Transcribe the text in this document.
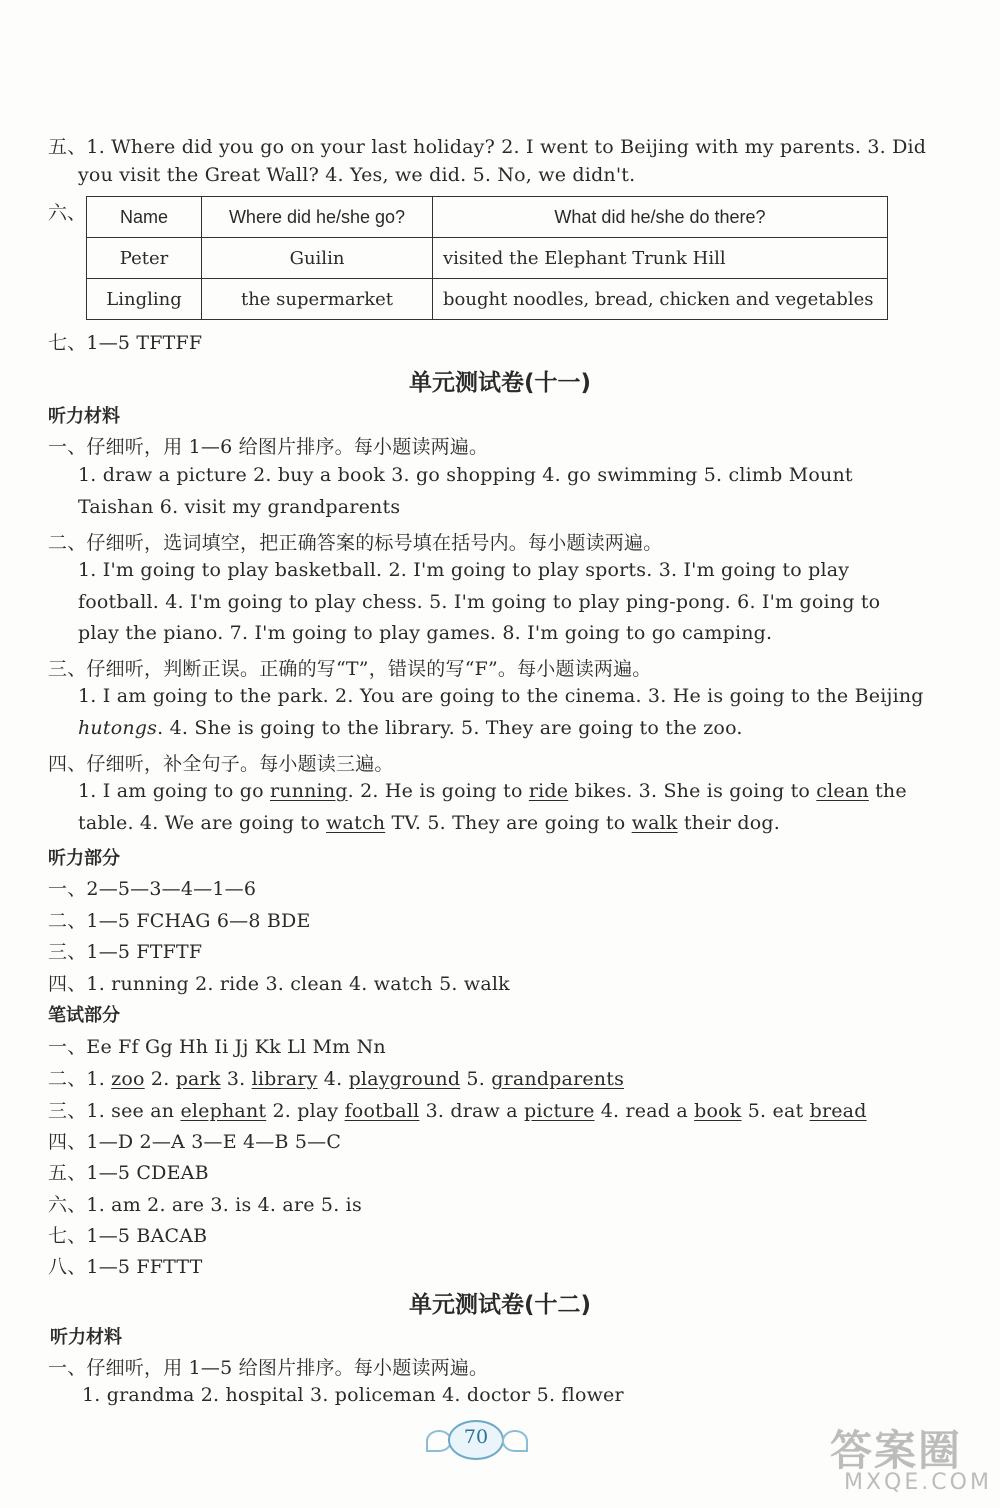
五、1. Where did you go on your last holiday? 2. I went to Beijing with my parents. 3. Did
you visit the Great Wall? 4. Yes, we did. 5. No, we didn't.
六、 Name	Where did he/she go?	What did he/she do there?
Peter	Guilin	visited the Elephant Trunk Hill
Lingling	the supermarket	bought noodles, bread, chicken and vegetables
七、1—5 TFTFF
单元测试卷(十一)
听力材料
一、仔细听，用 1—6 给图片排序。每小题读两遍。
1. draw a picture 2. buy a book 3. go shopping 4. go swimming 5. climb Mount
Taishan 6. visit my grandparents
二、仔细听，选词填空，把正确答案的标号填在括号内。每小题读两遍。
1. I'm going to play basketball. 2. I'm going to play sports. 3. I'm going to play
football. 4. I'm going to play chess. 5. I'm going to play ping-pong. 6. I'm going to
play the piano. 7. I'm going to play games. 8. I'm going to go camping.
三、仔细听，判断正误。正确的写“T”，错误的写“F”。每小题读两遍。
1. I am going to the park. 2. You are going to the cinema. 3. He is going to the Beijing
hutongs. 4. She is going to the library. 5. They are going to the zoo.
四、仔细听，补全句子。每小题读三遍。
1. I am going to go running. 2. He is going to ride bikes. 3. She is going to clean the
table. 4. We are going to watch TV. 5. They are going to walk their dog.
听力部分
一、2—5—3—4—1—6
二、1—5 FCHAG 6—8 BDE
三、1—5 FTFTF
四、1. running 2. ride 3. clean 4. watch 5. walk
笔试部分
一、Ee Ff Gg Hh Ii Jj Kk Ll Mm Nn
二、1. zoo 2. park 3. library 4. playground 5. grandparents
三、1. see an elephant 2. play football 3. draw a picture 4. read a book 5. eat bread
四、1—D 2—A 3—E 4—B 5—C
五、1—5 CDEAB
六、1. am 2. are 3. is 4. are 5. is
七、1—5 BACAB
八、1—5 FFTTT
单元测试卷(十二)
听力材料
一、仔细听，用 1—5 给图片排序。每小题读两遍。
1. grandma 2. hospital 3. policeman 4. doctor 5. flower
70	答案圈
MXQE.COM
